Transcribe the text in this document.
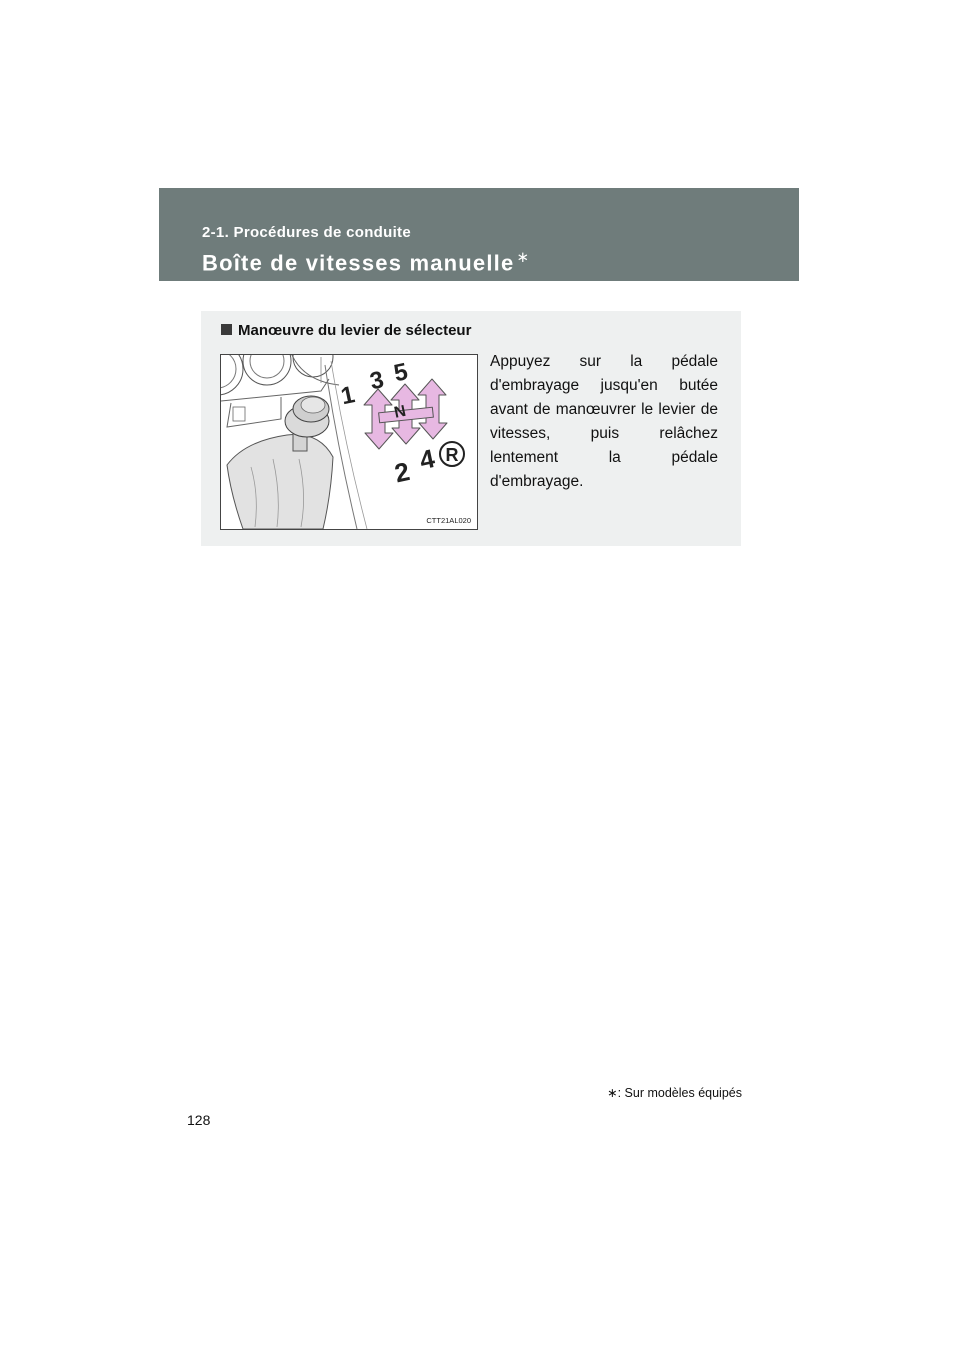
2-1. Procédures de conduite
Boîte de vitesses manuelle ∗
Manœuvre du levier de sélecteur
1
3 5
N
2 4 R
CTT21AL020
Appuyez sur la pédale d'embrayage jusqu'en butée avant de manœuvrer le levier de vitesses, puis relâchez lentement la pédale d'embrayage.
∗: Sur modèles équipés
128
